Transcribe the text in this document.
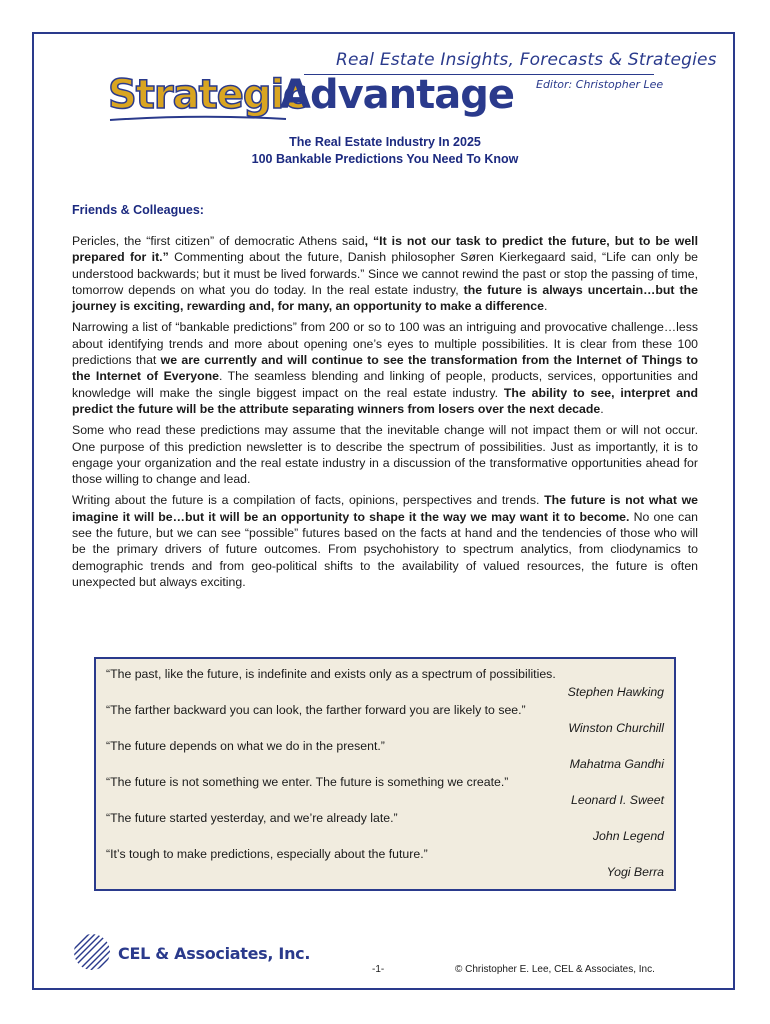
Real Estate Insights, Forecasts & Strategies
Editor: Christopher Lee
Strategic
Advantage
The Real Estate Industry In 2025
100 Bankable Predictions You Need To Know
Friends & Colleagues:

Pericles, the “first citizen” of democratic Athens said, “It is not our task to predict the future, but to be well prepared for it.” Commenting about the future, Danish philosopher Søren Kierkegaard said, “Life can only be understood backwards; but it must be lived forwards.” Since we cannot rewind the past or stop the passing of time, tomorrow depends on what you do today. In the real estate industry, the future is always uncertain…but the journey is exciting, rewarding and, for many, an opportunity to make a difference.

Narrowing a list of “bankable predictions” from 200 or so to 100 was an intriguing and provocative challenge…less about identifying trends and more about opening one’s eyes to multiple possibilities. It is clear from these 100 predictions that we are currently and will continue to see the transformation from the Internet of Things to the Internet of Everyone. The seamless blending and linking of people, products, services, opportunities and knowledge will make the single biggest impact on the real estate industry. The ability to see, interpret and predict the future will be the attribute separating winners from losers over the next decade.

Some who read these predictions may assume that the inevitable change will not impact them or will not occur. One purpose of this prediction newsletter is to describe the spectrum of possibilities. Just as importantly, it is to engage your organization and the real estate industry in a discussion of the transformative opportunities ahead for those willing to change and lead.

Writing about the future is a compilation of facts, opinions, perspectives and trends. The future is not what we imagine it will be…but it will be an opportunity to shape it the way we may want it to become. No one can see the future, but we can see “possible” futures based on the facts at hand and the tendencies of those who will be the primary drivers of future outcomes. From psychohistory to spectrum analytics, from cliodynamics to demographic trends and from geo-political shifts to the availability of valued resources, the future is often unexpected but always exciting.

“The past, like the future, is indefinite and exists only as a spectrum of possibilities.
Stephen Hawking
“The farther backward you can look, the farther forward you are likely to see.”
Winston Churchill
“The future depends on what we do in the present.”
Mahatma Gandhi
“The future is not something we enter. The future is something we create.”
Leonard I. Sweet
“The future started yesterday, and we’re already late.”
John Legend
“It’s tough to make predictions, especially about the future.”
Yogi Berra
CEL & Associates, Inc.
-1-	© Christopher E. Lee, CEL & Associates, Inc.
